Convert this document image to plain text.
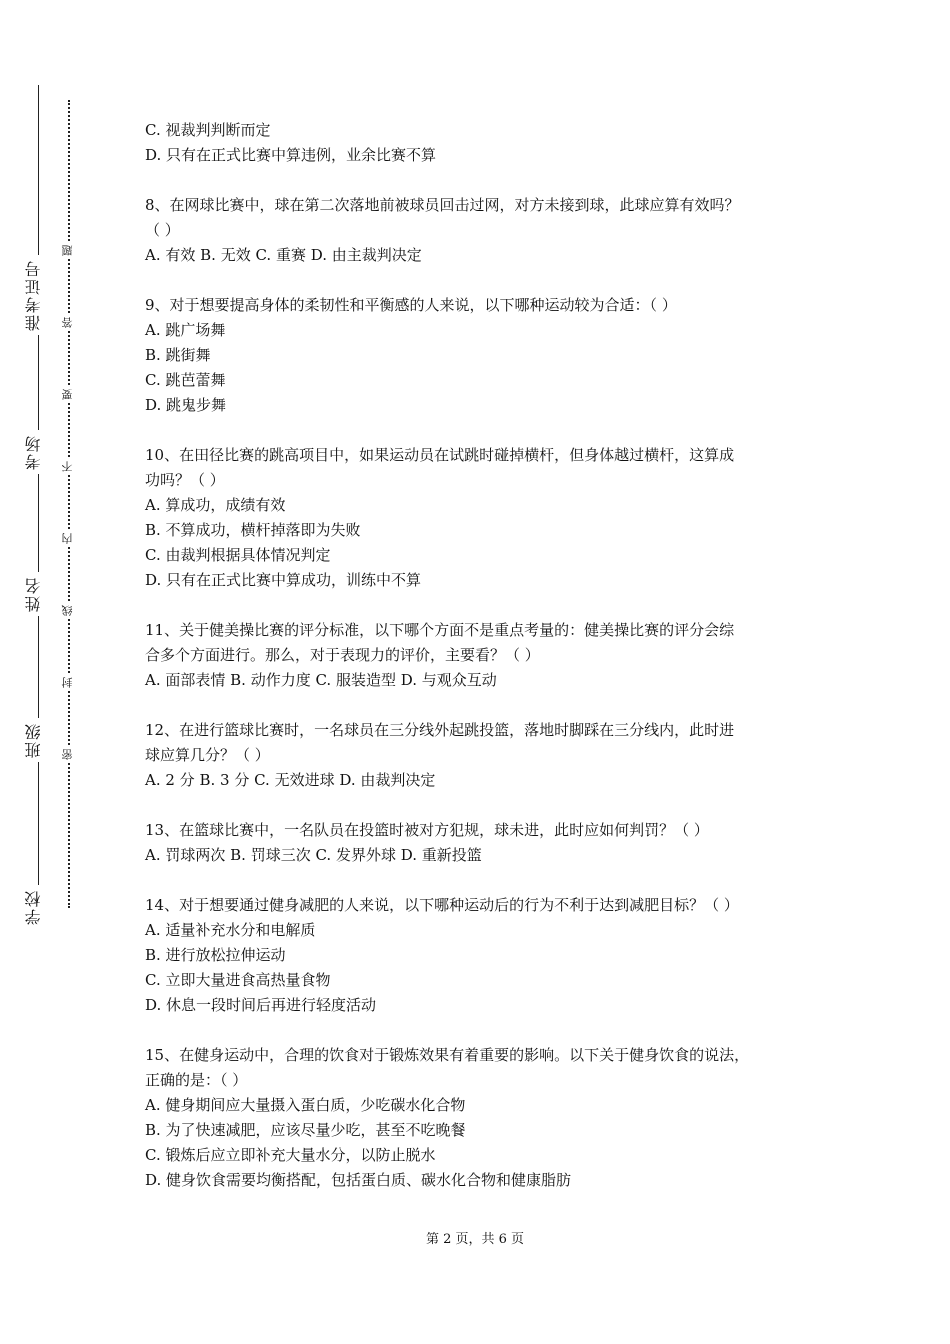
准考证号
考场
姓名
班级
学校
题
答
要
不
内
线
封
密
C. 视裁判判断而定
D. 只有在正式比赛中算违例，业余比赛不算
8、在网球比赛中，球在第二次落地前被球员回击过网，对方未接到球，此球应算有效吗？
（ ）
A. 有效 B. 无效 C. 重赛 D. 由主裁判决定
9、对于想要提高身体的柔韧性和平衡感的人来说，以下哪种运动较为合适：（ ）
A. 跳广场舞
B. 跳街舞
C. 跳芭蕾舞
D. 跳鬼步舞
10、在田径比赛的跳高项目中，如果运动员在试跳时碰掉横杆，但身体越过横杆，这算成
功吗？（ ）
A. 算成功，成绩有效
B. 不算成功，横杆掉落即为失败
C. 由裁判根据具体情况判定
D. 只有在正式比赛中算成功，训练中不算
11、关于健美操比赛的评分标准，以下哪个方面不是重点考量的：健美操比赛的评分会综
合多个方面进行。那么，对于表现力的评价，主要看？（ ）
A. 面部表情 B. 动作力度 C. 服装造型 D. 与观众互动
12、在进行篮球比赛时，一名球员在三分线外起跳投篮，落地时脚踩在三分线内，此时进
球应算几分？（ ）
A. 2 分 B. 3 分 C. 无效进球 D. 由裁判决定
13、在篮球比赛中，一名队员在投篮时被对方犯规，球未进，此时应如何判罚？（ ）
A. 罚球两次 B. 罚球三次 C. 发界外球 D. 重新投篮
14、对于想要通过健身减肥的人来说，以下哪种运动后的行为不利于达到减肥目标？（ ）
A. 适量补充水分和电解质
B. 进行放松拉伸运动
C. 立即大量进食高热量食物
D. 休息一段时间后再进行轻度活动
15、在健身运动中，合理的饮食对于锻炼效果有着重要的影响。以下关于健身饮食的说法，
正确的是：（ ）
A. 健身期间应大量摄入蛋白质，少吃碳水化合物
B. 为了快速减肥，应该尽量少吃，甚至不吃晚餐
C. 锻炼后应立即补充大量水分，以防止脱水
D. 健身饮食需要均衡搭配，包括蛋白质、碳水化合物和健康脂肪
第 2 页，共 6 页
